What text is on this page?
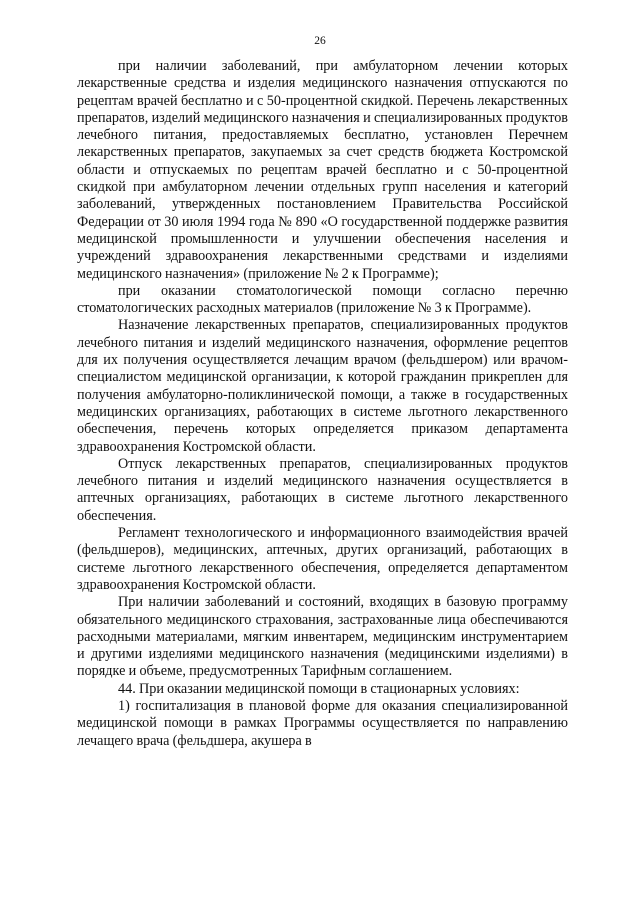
26

при наличии заболеваний, при амбулаторном лечении которых лекарственные средства и изделия медицинского назначения отпускаются по рецептам врачей бесплатно и с 50-процентной скидкой. Перечень лекарственных препаратов, изделий медицинского назначения и специализированных продуктов лечебного питания, предоставляемых бесплатно, установлен Перечнем лекарственных препаратов, закупаемых за счет средств бюджета Костромской области и отпускаемых по рецептам врачей бесплатно и с 50-процентной скидкой при амбулаторном лечении отдельных групп населения и категорий заболеваний, утвержденных постановлением Правительства Российской Федерации от 30 июля 1994 года № 890 «О государственной поддержке развития медицинской промышленности и улучшении обеспечения населения и учреждений здравоохранения лекарственными средствами и изделиями медицинского назначения» (приложение № 2 к Программе);

при оказании стоматологической помощи согласно перечню стоматологических расходных материалов (приложение № 3 к Программе).

Назначение лекарственных препаратов, специализированных продуктов лечебного питания и изделий медицинского назначения, оформление рецептов для их получения осуществляется лечащим врачом (фельдшером) или врачом-специалистом медицинской организации, к которой гражданин прикреплен для получения амбулаторно-поликлинической помощи, а также в государственных медицинских организациях, работающих в системе льготного лекарственного обеспечения, перечень которых определяется приказом департамента здравоохранения Костромской области.

Отпуск лекарственных препаратов, специализированных продуктов лечебного питания и изделий медицинского назначения осуществляется в аптечных организациях, работающих в системе льготного лекарственного обеспечения.

Регламент технологического и информационного взаимодействия врачей (фельдшеров), медицинских, аптечных, других организаций, работающих в системе льготного лекарственного обеспечения, определяется департаментом здравоохранения Костромской области.

При наличии заболеваний и состояний, входящих в базовую программу обязательного медицинского страхования, застрахованные лица обеспечиваются расходными материалами, мягким инвентарем, медицинским инструментарием и другими изделиями медицинского назначения (медицинскими изделиями) в порядке и объеме, предусмотренных Тарифным соглашением.

44. При оказании медицинской помощи в стационарных условиях:

1) госпитализация в плановой форме для оказания специализированной медицинской помощи в рамках Программы осуществляется по направлению лечащего врача (фельдшера, акушера в
